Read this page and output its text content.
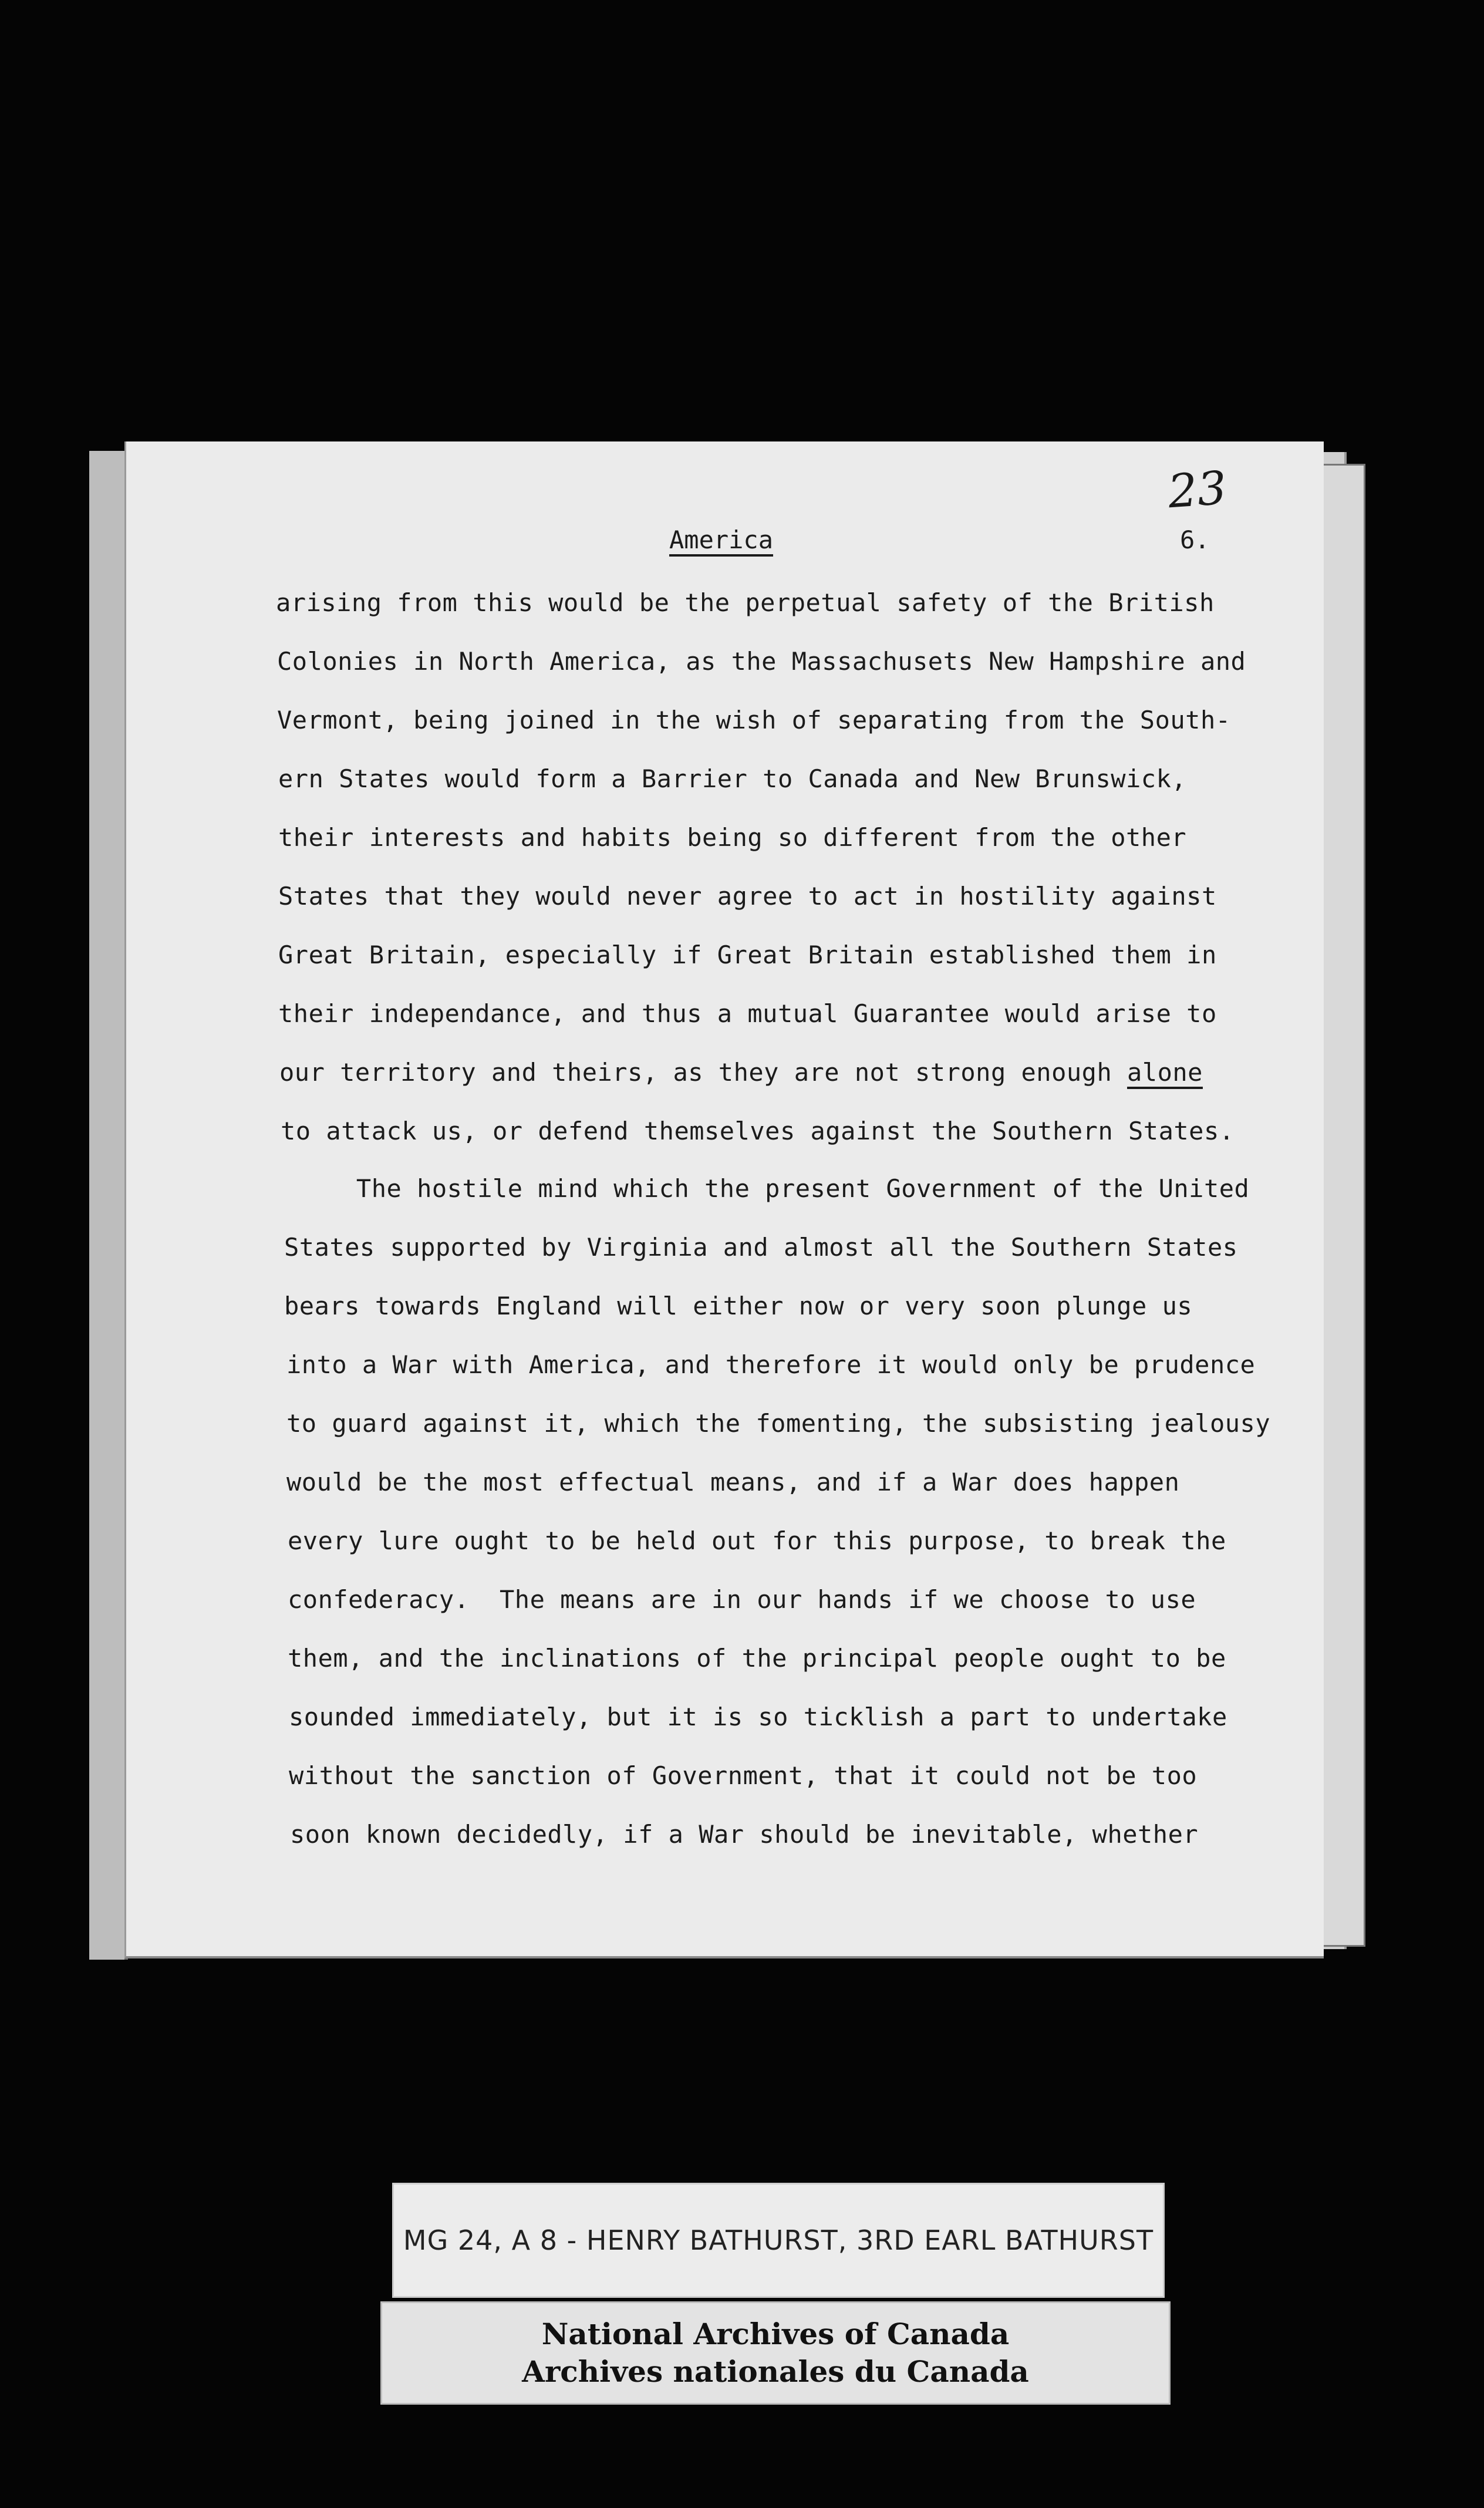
23
America	6.
arising from this would be the perpetual safety of the British
Colonies in North America, as the Massachusets New Hampshire and
Vermont, being joined in the wish of separating from the South-
ern States would form a Barrier to Canada and New Brunswick,
their interests and habits being so different from the other
States that they would never agree to act in hostility against
Great Britain, especially if Great Britain established them in
their independance, and thus a mutual Guarantee would arise to
our territory and theirs, as they are not strong enough alone
to attack us, or defend themselves against the Southern States.
The hostile mind which the present Government of the United
States supported by Virginia and almost all the Southern States
bears towards England will either now or very soon plunge us
into a War with America, and therefore it would only be prudence
to guard against it, which the fomenting, the subsisting jealousy
would be the most effectual means, and if a War does happen
every lure ought to be held out for this purpose, to break the
confederacy.  The means are in our hands if we choose to use
them, and the inclinations of the principal people ought to be
sounded immediately, but it is so ticklish a part to undertake
without the sanction of Government, that it could not be too
soon known decidedly, if a War should be inevitable, whether
MG 24, A 8 - HENRY BATHURST, 3RD EARL BATHURST
National Archives of Canada
Archives nationales du Canada
